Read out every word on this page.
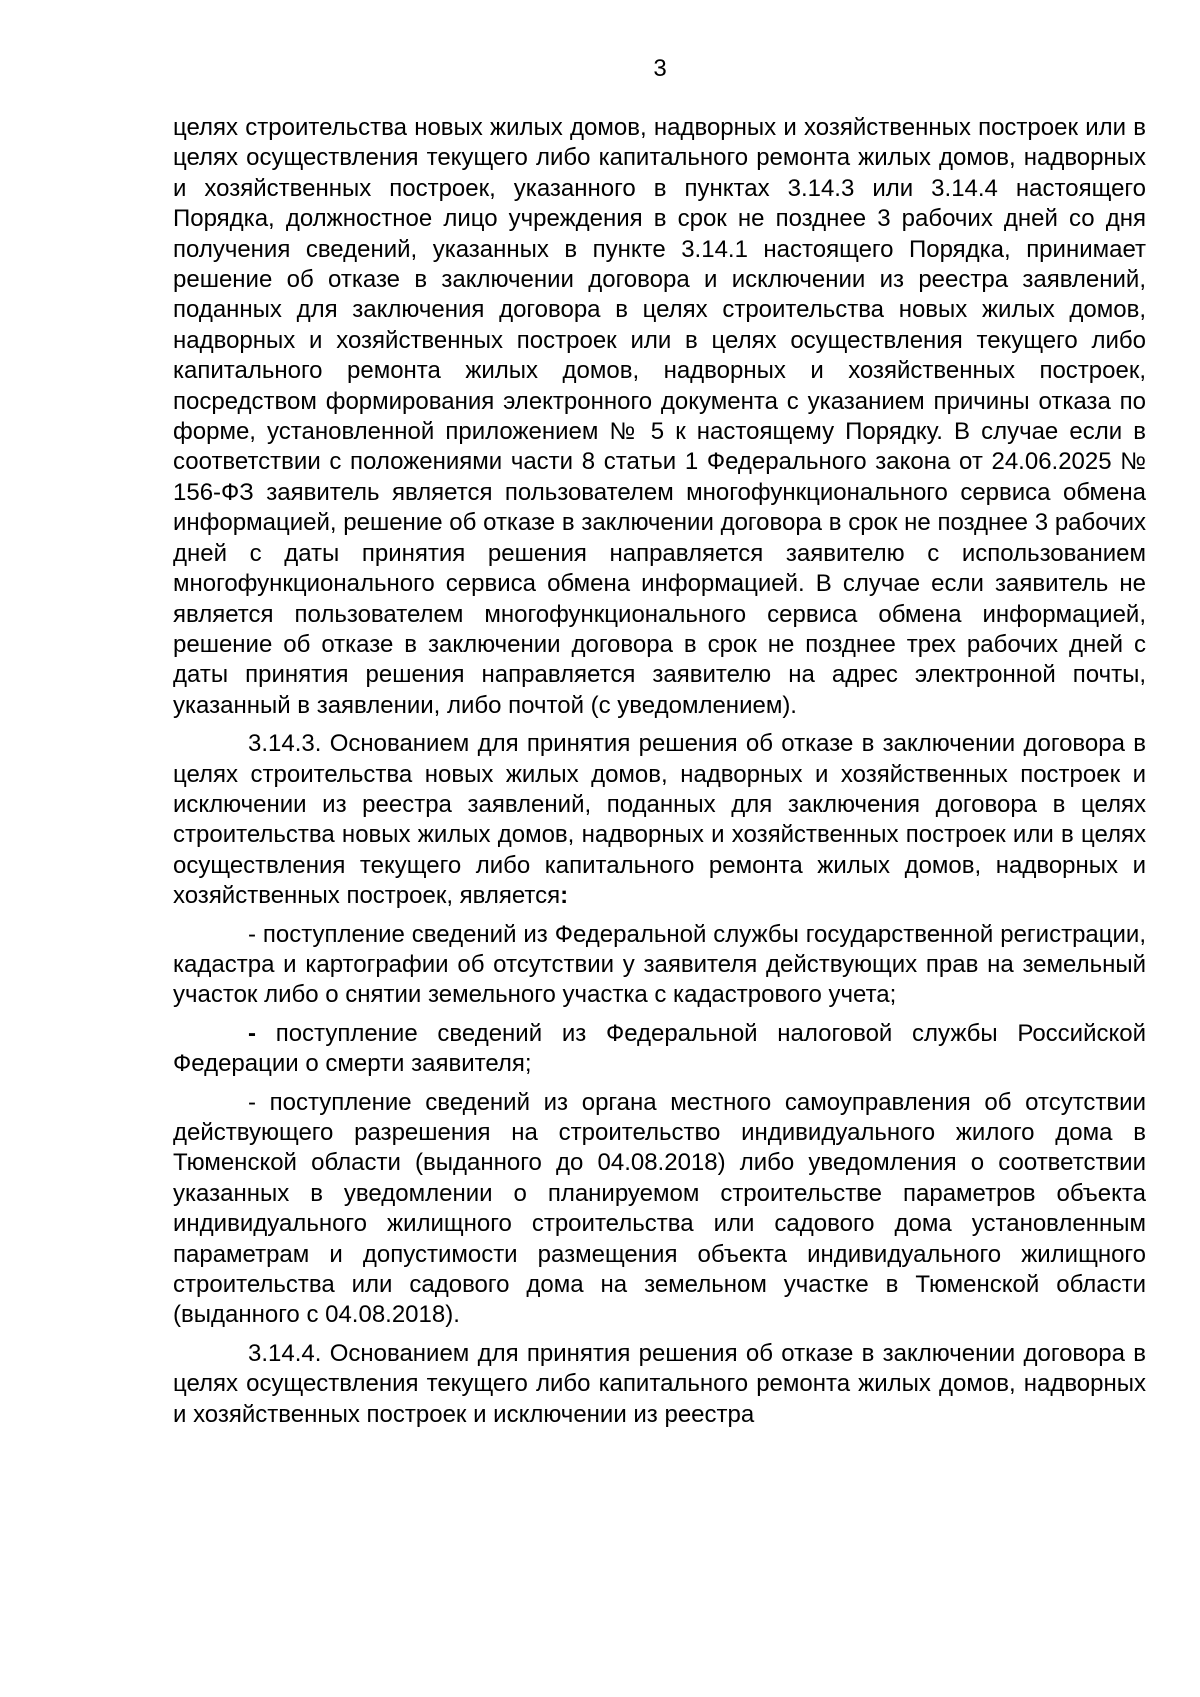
3

целях строительства новых жилых домов, надворных и хозяйственных построек или в целях осуществления текущего либо капитального ремонта жилых домов, надворных и хозяйственных построек, указанного в пунктах 3.14.3 или 3.14.4 настоящего Порядка, должностное лицо учреждения в срок не позднее 3 рабочих дней со дня получения сведений, указанных в пункте 3.14.1 настоящего Порядка, принимает решение об отказе в заключении договора и исключении из реестра заявлений, поданных для заключения договора в целях строительства новых жилых домов, надворных и хозяйственных построек или в целях осуществления текущего либо капитального ремонта жилых домов, надворных и хозяйственных построек, посредством формирования электронного документа с указанием причины отказа по форме, установленной приложением № 5 к настоящему Порядку. В случае если в соответствии с положениями части 8 статьи 1 Федерального закона от 24.06.2025 № 156-ФЗ заявитель является пользователем многофункционального сервиса обмена информацией, решение об отказе в заключении договора в срок не позднее 3 рабочих дней с даты принятия решения направляется заявителю с использованием многофункционального сервиса обмена информацией. В случае если заявитель не является пользователем многофункционального сервиса обмена информацией, решение об отказе в заключении договора в срок не позднее трех рабочих дней с даты принятия решения направляется заявителю на адрес электронной почты, указанный в заявлении, либо почтой (с уведомлением).

3.14.3. Основанием для принятия решения об отказе в заключении договора в целях строительства новых жилых домов, надворных и хозяйственных построек и исключении из реестра заявлений, поданных для заключения договора в целях строительства новых жилых домов, надворных и хозяйственных построек или в целях осуществления текущего либо капитального ремонта жилых домов, надворных и хозяйственных построек, является:

- поступление сведений из Федеральной службы государственной регистрации, кадастра и картографии об отсутствии у заявителя действующих прав на земельный участок либо о снятии земельного участка с кадастрового учета;

- поступление сведений из Федеральной налоговой службы Российской Федерации о смерти заявителя;

- поступление сведений из органа местного самоуправления об отсутствии действующего разрешения на строительство индивидуального жилого дома в Тюменской области (выданного до 04.08.2018) либо уведомления о соответствии указанных в уведомлении о планируемом строительстве параметров объекта индивидуального жилищного строительства или садового дома установленным параметрам и допустимости размещения объекта индивидуального жилищного строительства или садового дома на земельном участке в Тюменской области (выданного с 04.08.2018).

3.14.4. Основанием для принятия решения об отказе в заключении договора в целях осуществления текущего либо капитального ремонта жилых домов, надворных и хозяйственных построек и исключении из реестра
